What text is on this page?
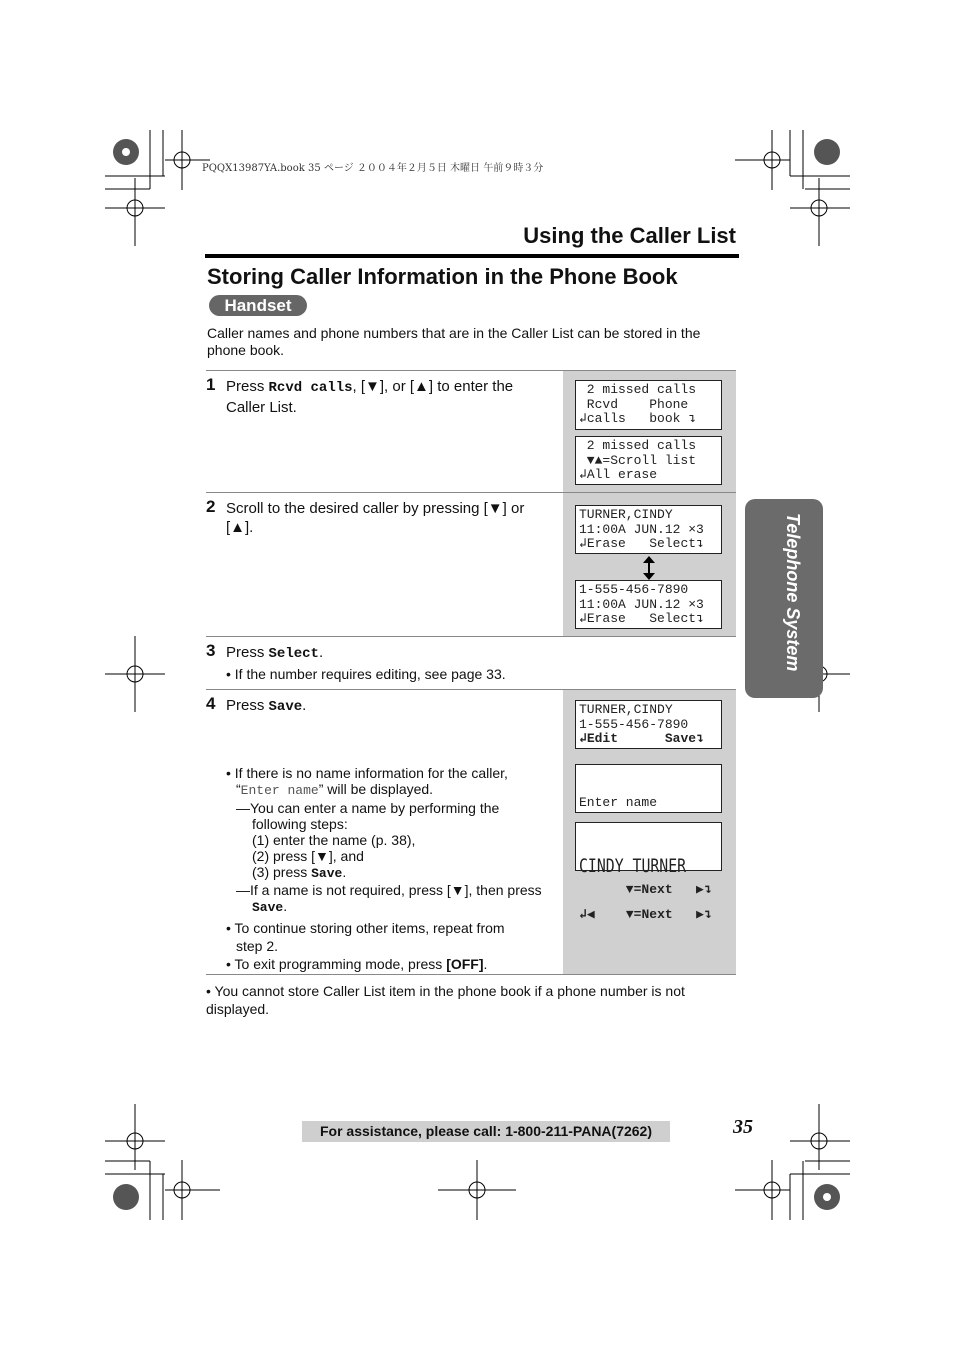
PQQX13987YA.book 35 ページ ２００４年２月５日 木曜日 午前９時３分
Using the Caller List
Storing Caller Information in the Phone Book
Handset
Caller names and phone numbers that are in the Caller List can be stored in the phone book.
1 Press Rcvd calls, [▼], or [▲] to enter the Caller List.
2 missed calls
Rcvd    Phone
↲calls   book ↴
2 missed calls
▼▲=Scroll list
↲All erase
2 Scroll to the desired caller by pressing [▼] or [▲].
TURNER,CINDY
11:00A JUN.12 ×3
↲Erase   Select↴
1-555-456-7890
11:00A JUN.12 ×3
↲Erase   Select↴
3 Press Select.
• If the number requires editing, see page 33.
4 Press Save.
• If there is no name information for the caller,
“Enter name” will be displayed.
—You can enter a name by performing the
following steps:
(1) enter the name (p. 38),
(2) press [▼], and
(3) press Save.
—If a name is not required, press [▼], then press
Save.
• To continue storing other items, repeat from
step 2.
• To exit programming mode, press [OFF].
TURNER,CINDY
1-555-456-7890
↲Edit      Save↴

Enter name

▼=Next   ▶↴

CINDY TURNER

↲◀    ▼=Next   ▶↴

• You cannot store Caller List item in the phone book if a phone number is not displayed.
Telephone System
For assistance, please call: 1-800-211-PANA(7262)	35
